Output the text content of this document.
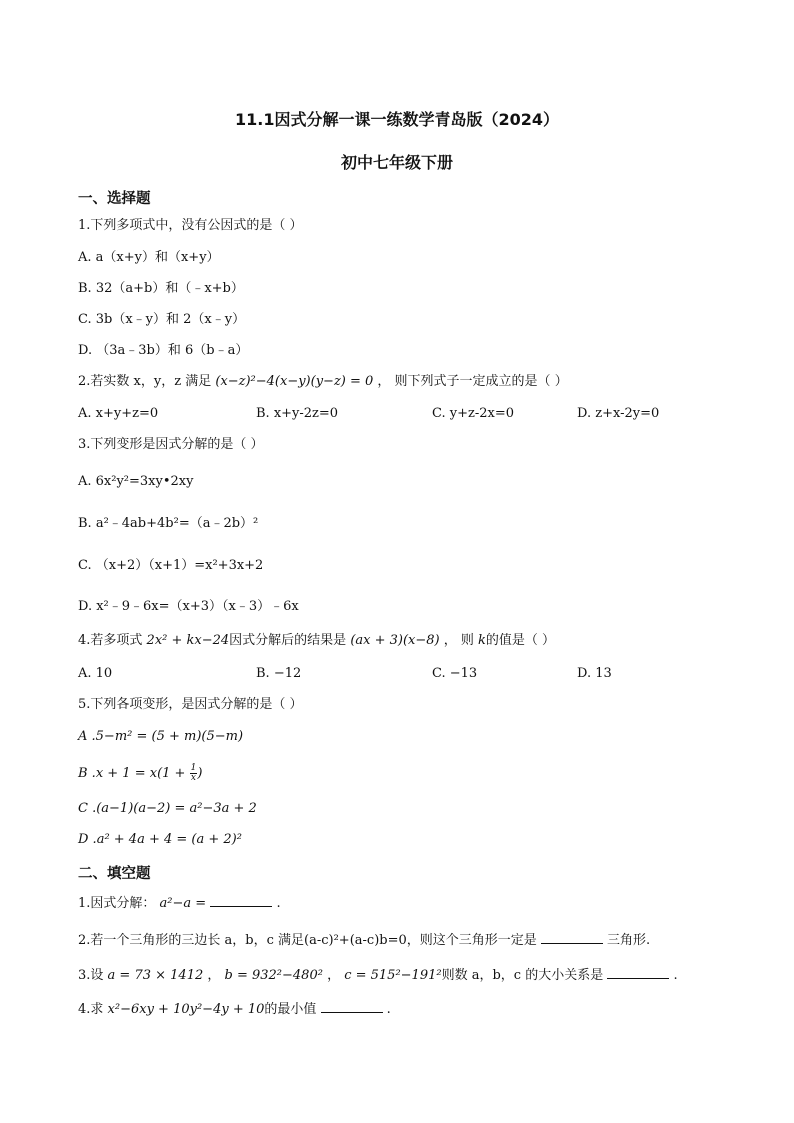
11.1因式分解一课一练数学青岛版（2024）
初中七年级下册
一、选择题
1.下列多项式中，没有公因式的是（ ）
A. a（x+y）和（x+y）
B. 32（a+b）和（﹣x+b）
C. 3b（x﹣y）和 2（x﹣y）
D. （3a﹣3b）和 6（b﹣a）
2.若实数 x，y，z 满足 (x−z)²−4(x−y)(y−z) = 0 ， 则下列式子一定成立的是（ ）
A. x+y+z=0	B. x+y-2z=0	C. y+z-2x=0	D. z+x-2y=0
3.下列变形是因式分解的是（ ）
A. 6x²y²=3xy•2xy
B. a²﹣4ab+4b²=（a﹣2b）²
C. （x+2）（x+1）=x²+3x+2
D. x²﹣9﹣6x=（x+3）（x﹣3）﹣6x
4.若多项式 2x² + kx−24因式分解后的结果是 (ax + 3)(x−8) ， 则 k的值是（ ）
A. 10	B. −12	C. −13	D. 13
5.下列各项变形，是因式分解的是（ ）
A .5−m² = (5 + m)(5−m)
B $.x + 1 = x(1 + \frac{1}{x}$ )
C .(a−1)(a−2) = a²−3a + 2
D .a² + 4a + 4 = (a + 2)²
二、填空题
1.因式分解： a²−a =	.
2.若一个三角形的三边长 a，b，c 满足(a-c)²+(a-c)b=0，则这个三角形一定是	三角形.
3.设 a = 73 × 1412 ， b = 932²−480² ， c = 515²−191²则数 a，b，c 的大小关系是	.
4.求 x²−6xy + 10y²−4y + 10的最小值	.
